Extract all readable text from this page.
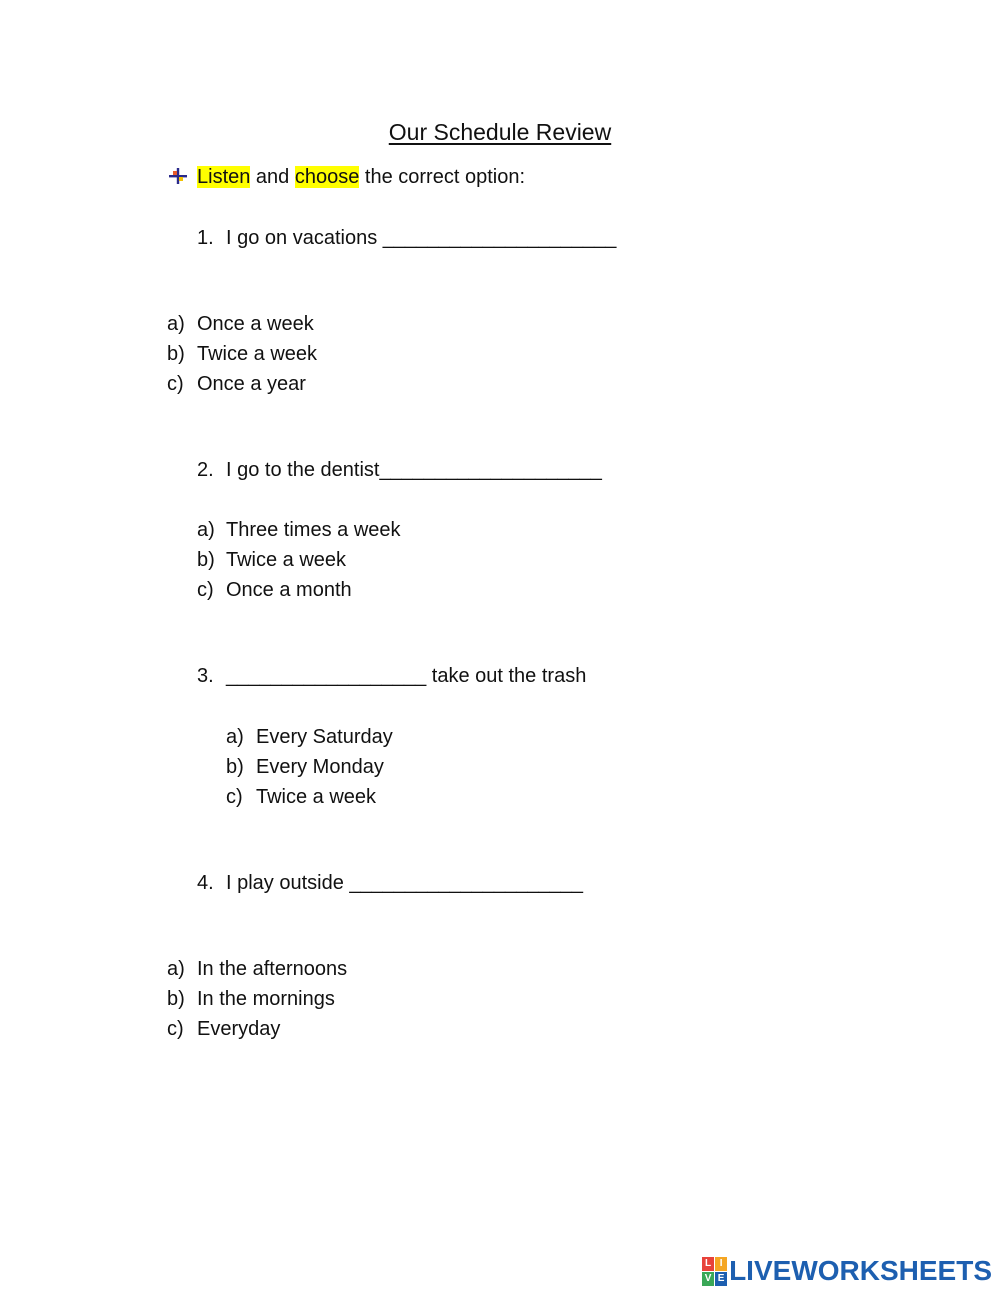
Our Schedule Review
Listen and choose the correct option:
1. I go on vacations _____________________
a) Once a week
b) Twice a week
c) Once a year
2. I go to the dentist____________________
a) Three times a week
b) Twice a week
c) Once a month
3. __________________ take out the trash
a) Every Saturday
b) Every Monday
c) Twice a week
4. I play outside _____________________
a) In the afternoons
b) In the mornings
c) Everyday
L I
V E LIVEWORKSHEETS
